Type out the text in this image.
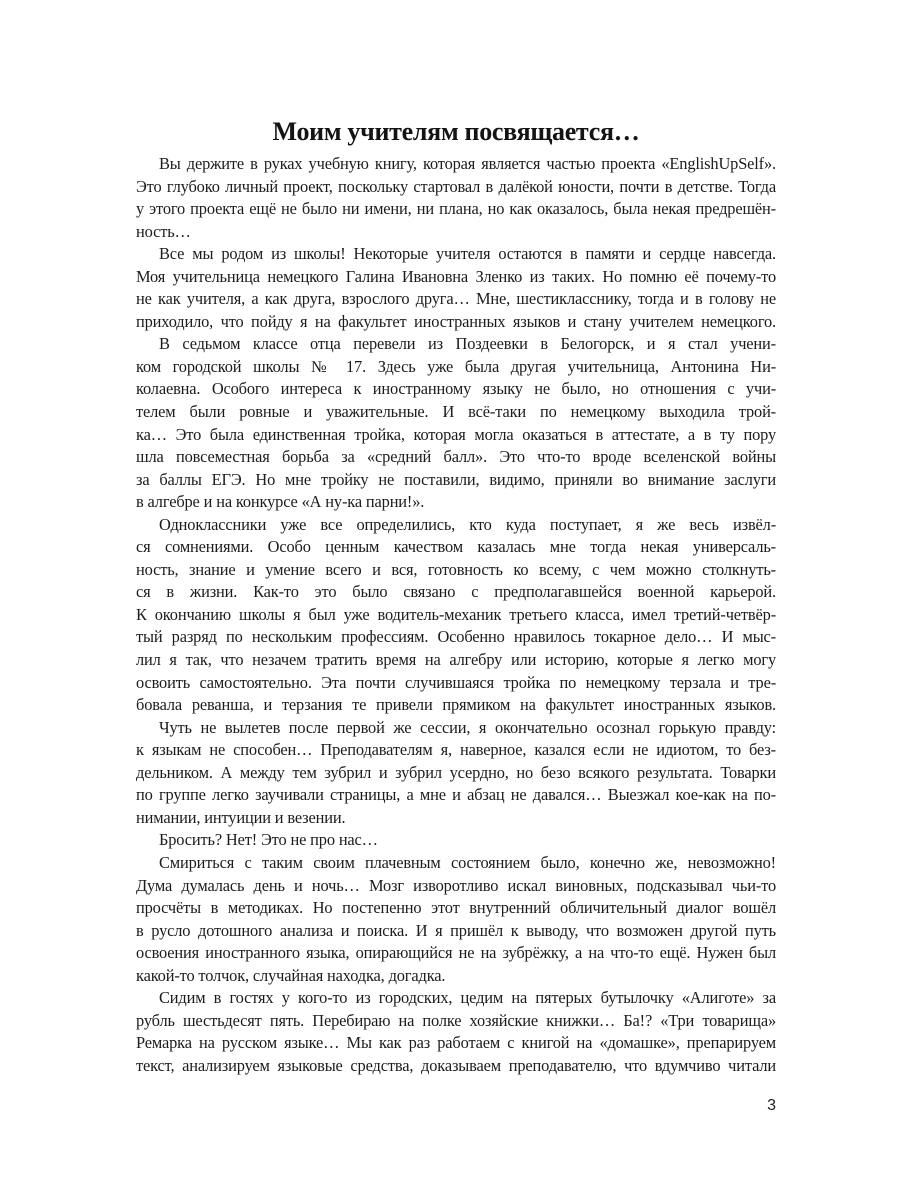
Моим учителям посвящается…
Вы держите в руках учебную книгу, которая является частью проекта «EnglishUpSelf».
Это глубоко личный проект, поскольку стартовал в далёкой юности, почти в детстве. Тогда
у этого проекта ещё не было ни имени, ни плана, но как оказалось, была некая предрешён-
ность…
Все мы родом из школы! Некоторые учителя остаются в памяти и сердце навсегда.
Моя учительница немецкого Галина Ивановна Зленко из таких. Но помню её почему-то
не как учителя, а как друга, взрослого друга… Мне, шестикласснику, тогда и в голову не
приходило, что пойду я на факультет иностранных языков и стану учителем немецкого.
В седьмом классе отца перевели из Поздеевки в Белогорск, и я стал учени-
ком городской школы № 17. Здесь уже была другая учительница, Антонина Ни-
колаевна. Особого интереса к иностранному языку не было, но отношения с учи-
телем были ровные и уважительные. И всё-таки по немецкому выходила трой-
ка… Это была единственная тройка, которая могла оказаться в аттестате, а в ту пору
шла повсеместная борьба за «средний балл». Это что-то вроде вселенской войны
за баллы ЕГЭ. Но мне тройку не поставили, видимо, приняли во внимание заслуги
в алгебре и на конкурсе «А ну-ка парни!».
Одноклассники уже все определились, кто куда поступает, я же весь извёл-
ся сомнениями. Особо ценным качеством казалась мне тогда некая универсаль-
ность, знание и умение всего и вся, готовность ко всему, с чем можно столкнуть-
ся в жизни. Как-то это было связано с предполагавшейся военной карьерой.
К окончанию школы я был уже водитель-механик третьего класса, имел третий-четвёр-
тый разряд по нескольким профессиям. Особенно нравилось токарное дело… И мыс-
лил я так, что незачем тратить время на алгебру или историю, которые я легко могу
освоить самостоятельно. Эта почти случившаяся тройка по немецкому терзала и тре-
бовала реванша, и терзания те привели прямиком на факультет иностранных языков.
Чуть не вылетев после первой же сессии, я окончательно осознал горькую правду:
к языкам не способен… Преподавателям я, наверное, казался если не идиотом, то без-
дельником. А между тем зубрил и зубрил усердно, но безо всякого результата. Товарки
по группе легко заучивали страницы, а мне и абзац не давался… Выезжал кое-как на по-
нимании, интуиции и везении.
Бросить? Нет! Это не про нас…
Смириться с таким своим плачевным состоянием было, конечно же, невозможно!
Дума думалась день и ночь… Мозг изворотливо искал виновных, подсказывал чьи-то
просчёты в методиках. Но постепенно этот внутренний обличительный диалог вошёл
в русло дотошного анализа и поиска. И я пришёл к выводу, что возможен другой путь
освоения иностранного языка, опирающийся не на зубрёжку, а на что-то ещё. Нужен был
какой-то толчок, случайная находка, догадка.
Сидим в гостях у кого-то из городских, цедим на пятерых бутылочку «Алиготе» за
рубль шестьдесят пять. Перебираю на полке хозяйские книжки… Ба!? «Три товарища»
Ремарка на русском языке… Мы как раз работаем с книгой на «домашке», препарируем
текст, анализируем языковые средства, доказываем преподавателю, что вдумчиво читали
3
